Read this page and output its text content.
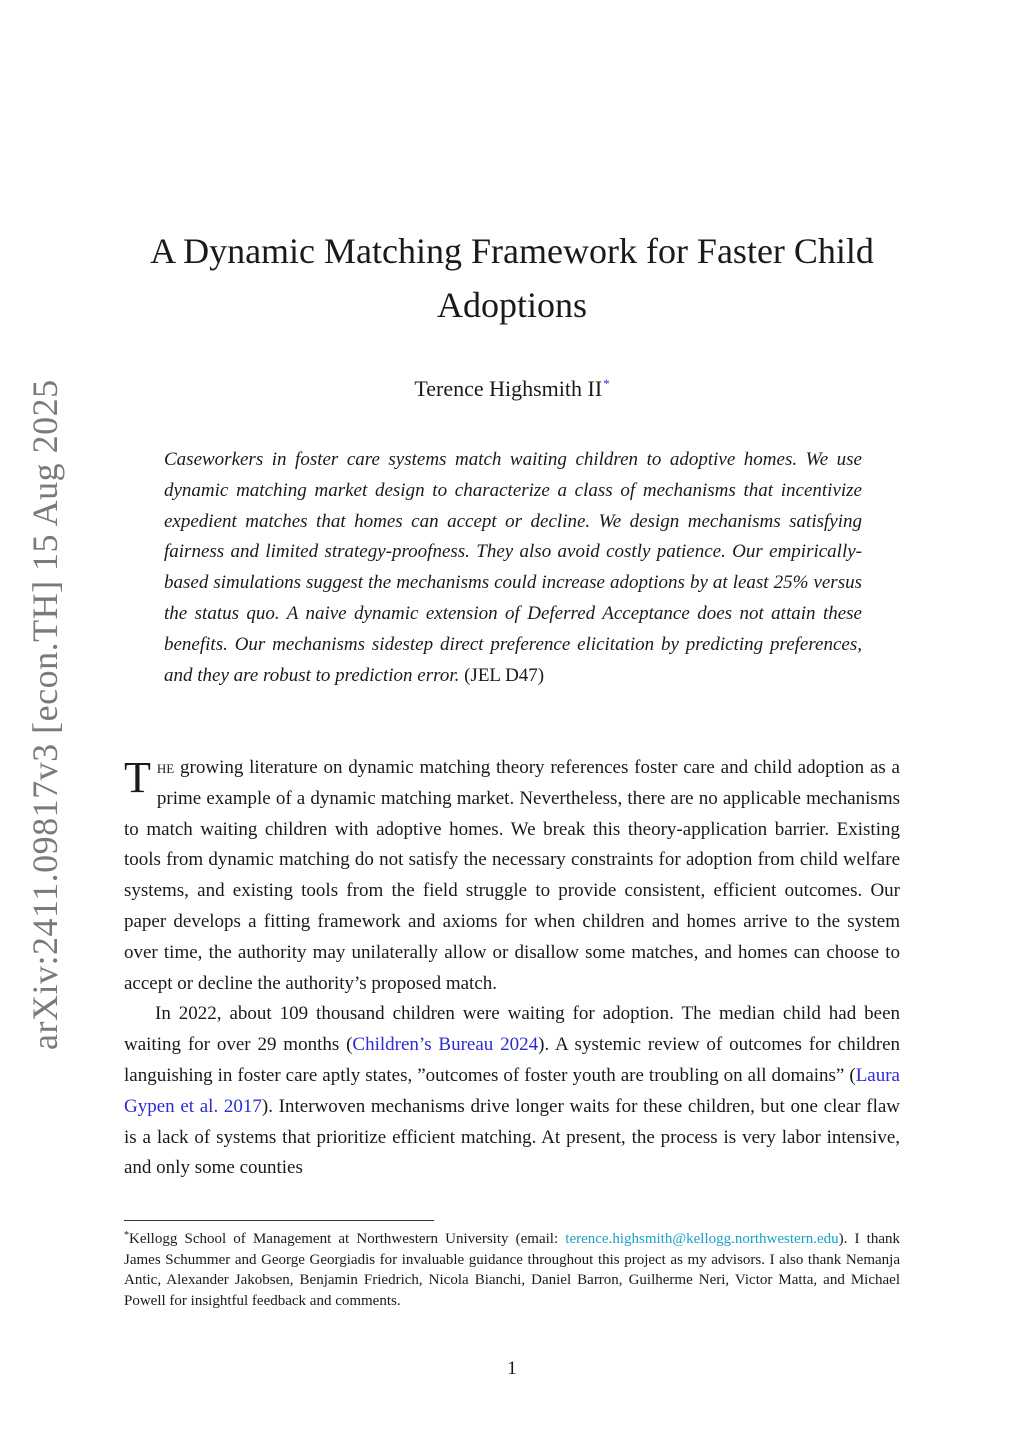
arXiv:2411.09817v3 [econ.TH] 15 Aug 2025
A Dynamic Matching Framework for Faster Child Adoptions
Terence Highsmith II*
Caseworkers in foster care systems match waiting children to adoptive homes. We use dynamic matching market design to characterize a class of mechanisms that incentivize expedient matches that homes can accept or decline. We design mechanisms satisfying fairness and limited strategy-proofness. They also avoid costly patience. Our empirically-based simulations suggest the mechanisms could increase adoptions by at least 25% versus the status quo. A naive dynamic extension of Deferred Acceptance does not attain these benefits. Our mechanisms sidestep direct preference elicitation by predicting preferences, and they are robust to prediction error. (JEL D47)

The growing literature on dynamic matching theory references foster care and child adoption as a prime example of a dynamic matching market. Nevertheless, there are no applicable mechanisms to match waiting children with adoptive homes. We break this theory-application barrier. Existing tools from dynamic matching do not satisfy the necessary constraints for adoption from child welfare systems, and existing tools from the field struggle to provide consistent, efficient outcomes. Our paper develops a fitting framework and axioms for when children and homes arrive to the system over time, the authority may unilaterally allow or disallow some matches, and homes can choose to accept or decline the authority’s proposed match.

In 2022, about 109 thousand children were waiting for adoption. The median child had been waiting for over 29 months (Children’s Bureau 2024). A systemic review of outcomes for children languishing in foster care aptly states, ”outcomes of foster youth are troubling on all domains” (Laura Gypen et al. 2017). Interwoven mechanisms drive longer waits for these children, but one clear flaw is a lack of systems that prioritize efficient matching. At present, the process is very labor intensive, and only some counties

*Kellogg School of Management at Northwestern University (email: terence.highsmith@kellogg.northwestern.edu). I thank James Schummer and George Georgiadis for invaluable guidance throughout this project as my advisors. I also thank Nemanja Antic, Alexander Jakobsen, Benjamin Friedrich, Nicola Bianchi, Daniel Barron, Guilherme Neri, Victor Matta, and Michael Powell for insightful feedback and comments.
1
